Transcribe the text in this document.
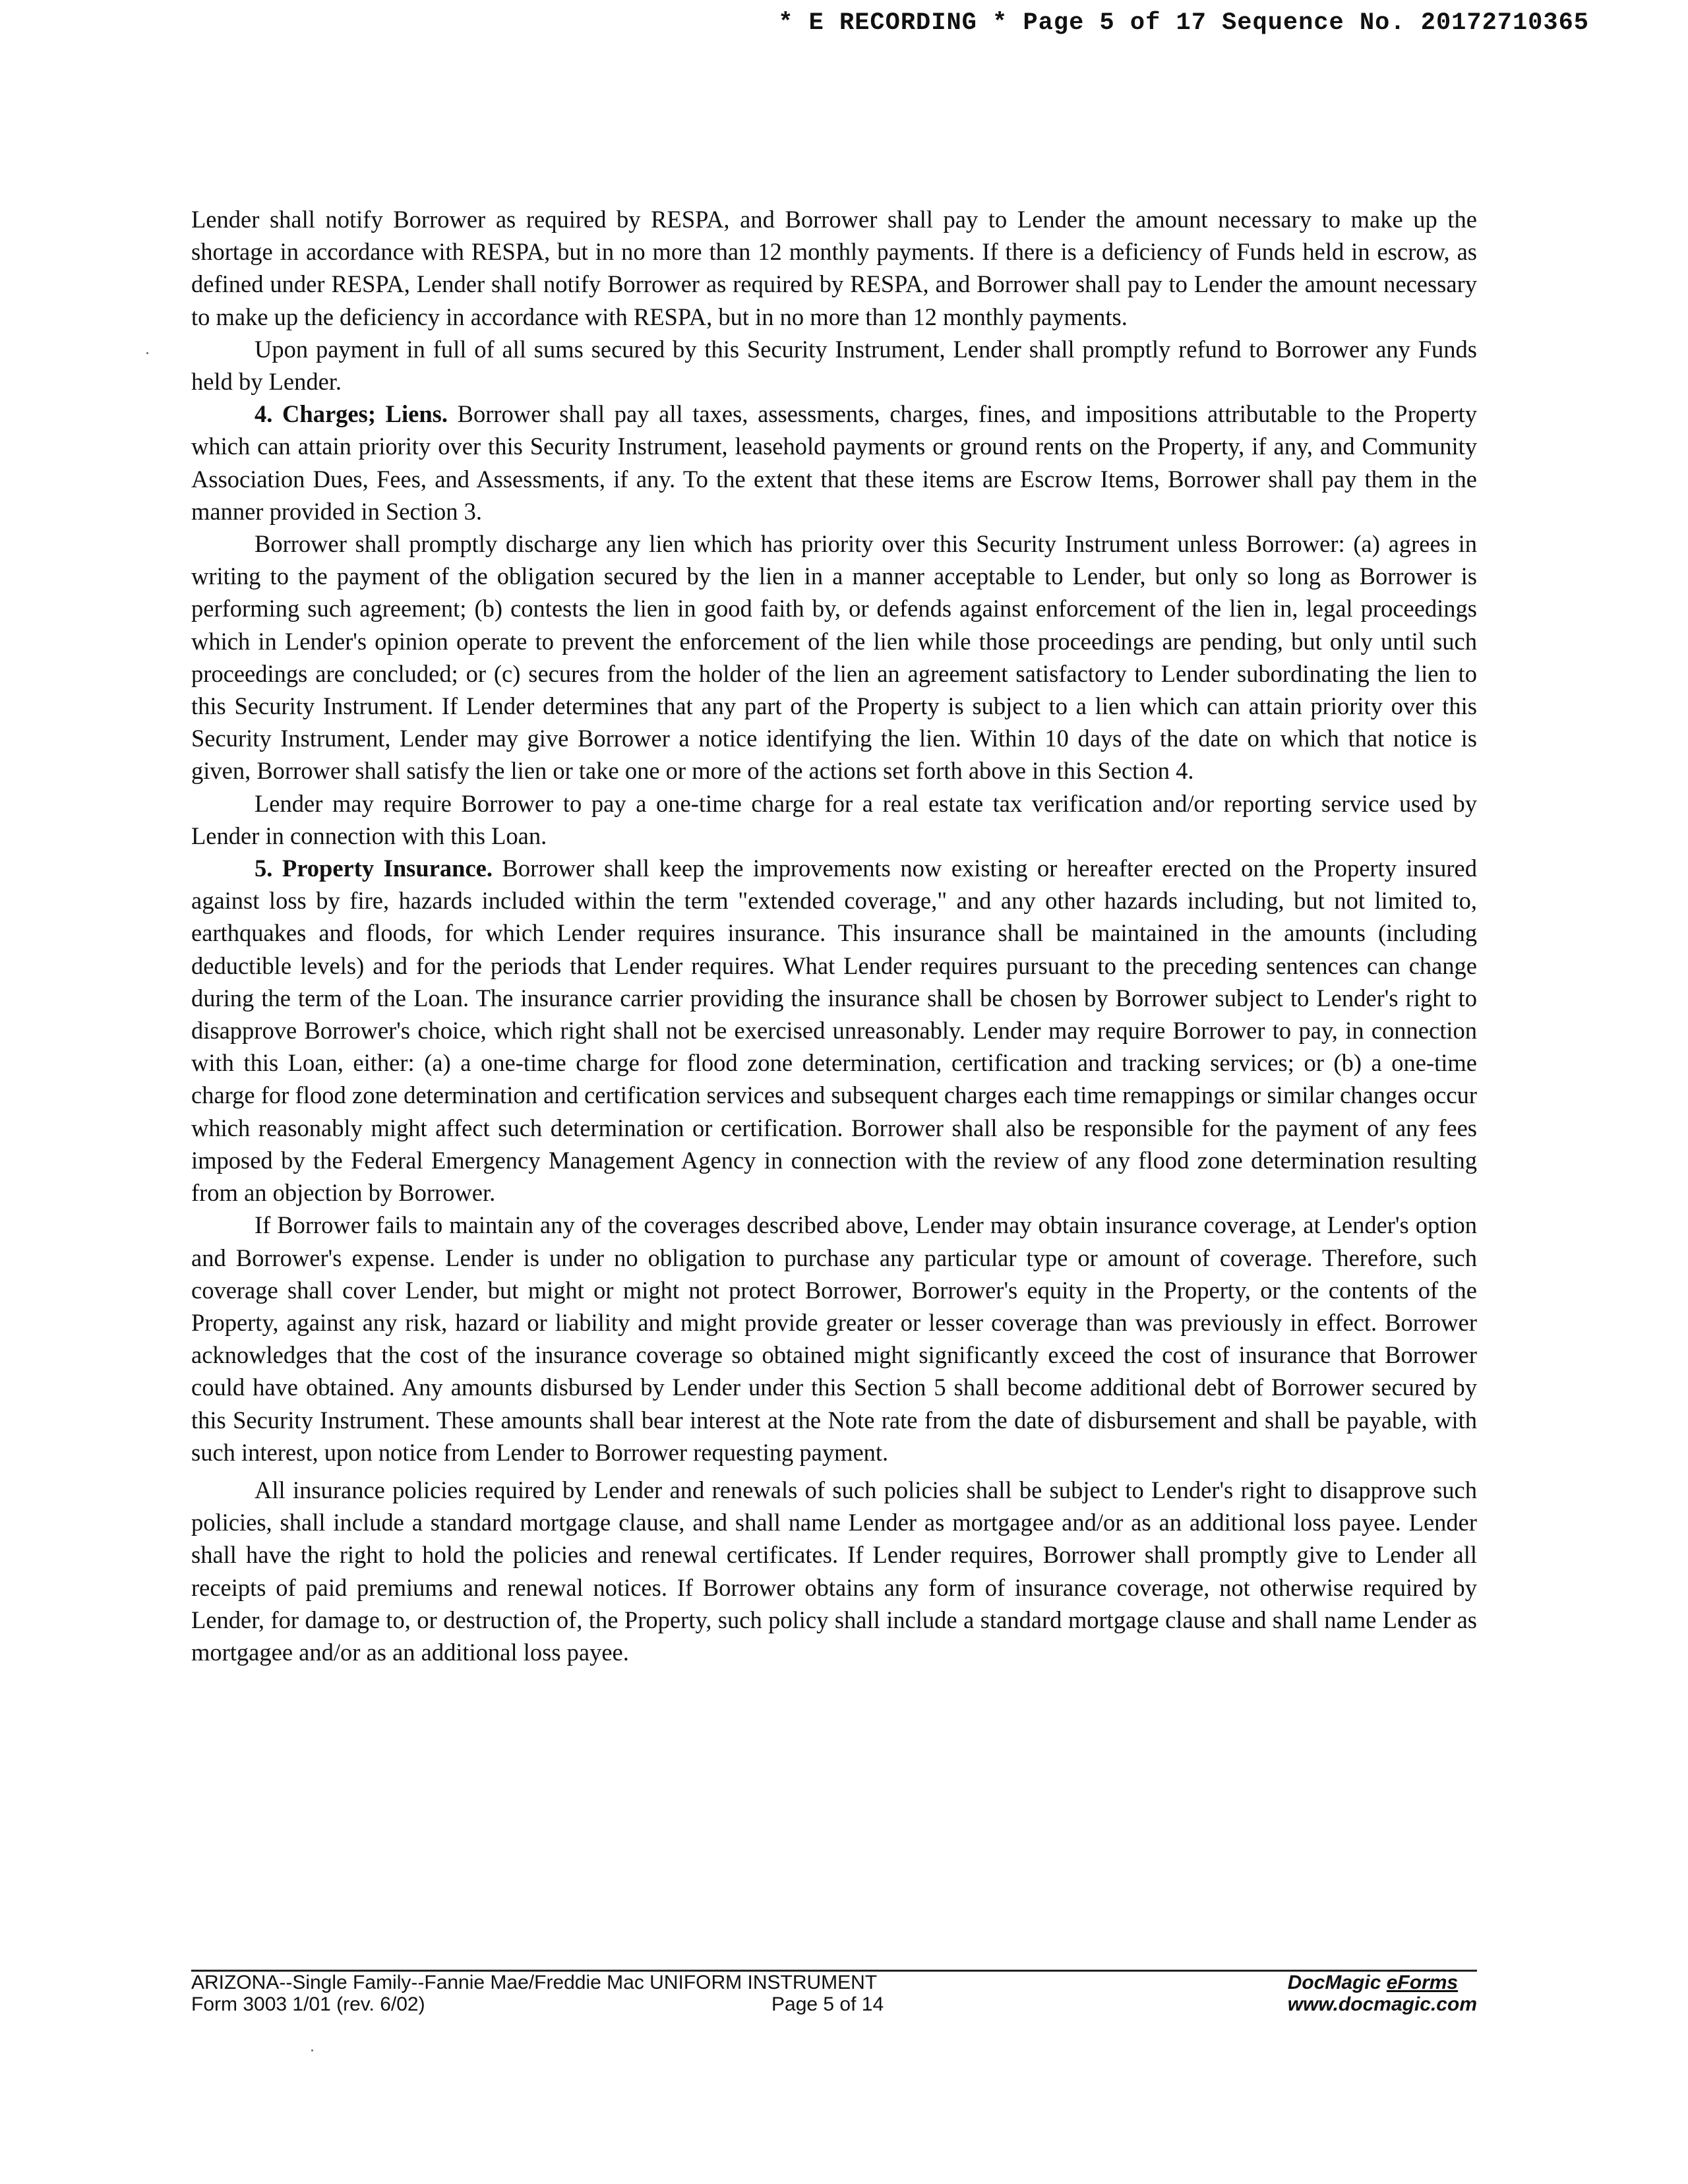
* E RECORDING * Page 5 of 17 Sequence No. 20172710365

Lender shall notify Borrower as required by RESPA, and Borrower shall pay to Lender the amount necessary to make up the shortage in accordance with RESPA, but in no more than 12 monthly payments. If there is a deficiency of Funds held in escrow, as defined under RESPA, Lender shall notify Borrower as required by RESPA, and Borrower shall pay to Lender the amount necessary to make up the deficiency in accordance with RESPA, but in no more than 12 monthly payments.

Upon payment in full of all sums secured by this Security Instrument, Lender shall promptly refund to Borrower any Funds held by Lender.

4. Charges; Liens. Borrower shall pay all taxes, assessments, charges, fines, and impositions attributable to the Property which can attain priority over this Security Instrument, leasehold payments or ground rents on the Property, if any, and Community Association Dues, Fees, and Assessments, if any. To the extent that these items are Escrow Items, Borrower shall pay them in the manner provided in Section 3.

Borrower shall promptly discharge any lien which has priority over this Security Instrument unless Borrower: (a) agrees in writing to the payment of the obligation secured by the lien in a manner acceptable to Lender, but only so long as Borrower is performing such agreement; (b) contests the lien in good faith by, or defends against enforcement of the lien in, legal proceedings which in Lender's opinion operate to prevent the enforcement of the lien while those proceedings are pending, but only until such proceedings are concluded; or (c) secures from the holder of the lien an agreement satisfactory to Lender subordinating the lien to this Security Instrument. If Lender determines that any part of the Property is subject to a lien which can attain priority over this Security Instrument, Lender may give Borrower a notice identifying the lien. Within 10 days of the date on which that notice is given, Borrower shall satisfy the lien or take one or more of the actions set forth above in this Section 4.

Lender may require Borrower to pay a one-time charge for a real estate tax verification and/or reporting service used by Lender in connection with this Loan.

5. Property Insurance. Borrower shall keep the improvements now existing or hereafter erected on the Property insured against loss by fire, hazards included within the term "extended coverage," and any other hazards including, but not limited to, earthquakes and floods, for which Lender requires insurance. This insurance shall be maintained in the amounts (including deductible levels) and for the periods that Lender requires. What Lender requires pursuant to the preceding sentences can change during the term of the Loan. The insurance carrier providing the insurance shall be chosen by Borrower subject to Lender's right to disapprove Borrower's choice, which right shall not be exercised unreasonably. Lender may require Borrower to pay, in connection with this Loan, either: (a) a one-time charge for flood zone determination, certification and tracking services; or (b) a one-time charge for flood zone determination and certification services and subsequent charges each time remappings or similar changes occur which reasonably might affect such determination or certification. Borrower shall also be responsible for the payment of any fees imposed by the Federal Emergency Management Agency in connection with the review of any flood zone determination resulting from an objection by Borrower.

If Borrower fails to maintain any of the coverages described above, Lender may obtain insurance coverage, at Lender's option and Borrower's expense. Lender is under no obligation to purchase any particular type or amount of coverage. Therefore, such coverage shall cover Lender, but might or might not protect Borrower, Borrower's equity in the Property, or the contents of the Property, against any risk, hazard or liability and might provide greater or lesser coverage than was previously in effect. Borrower acknowledges that the cost of the insurance coverage so obtained might significantly exceed the cost of insurance that Borrower could have obtained. Any amounts disbursed by Lender under this Section 5 shall become additional debt of Borrower secured by this Security Instrument. These amounts shall bear interest at the Note rate from the date of disbursement and shall be payable, with such interest, upon notice from Lender to Borrower requesting payment.

All insurance policies required by Lender and renewals of such policies shall be subject to Lender's right to disapprove such policies, shall include a standard mortgage clause, and shall name Lender as mortgagee and/or as an additional loss payee. Lender shall have the right to hold the policies and renewal certificates. If Lender requires, Borrower shall promptly give to Lender all receipts of paid premiums and renewal notices. If Borrower obtains any form of insurance coverage, not otherwise required by Lender, for damage to, or destruction of, the Property, such policy shall include a standard mortgage clause and shall name Lender as mortgagee and/or as an additional loss payee.

ARIZONA--Single Family--Fannie Mae/Freddie Mac UNIFORM INSTRUMENT
Form 3003 1/01 (rev. 6/02)
	Page 5 of 14
DocMagic eForms
www.docmagic.com
